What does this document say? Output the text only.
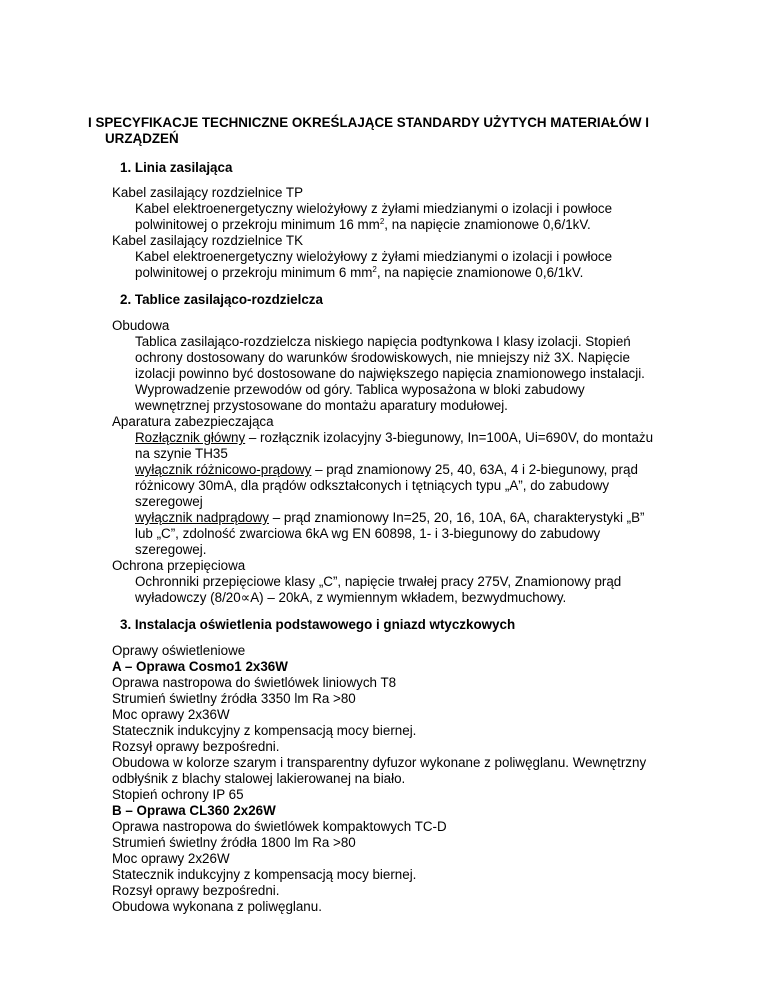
I SPECYFIKACJE TECHNICZNE OKREŚLAJĄCE STANDARDY UŻYTYCH MATERIAŁÓW I
URZĄDZEŃ
1. Linia zasilająca
Kabel zasilający rozdzielnice TP
Kabel elektroenergetyczny wielożyłowy z żyłami miedzianymi o izolacji i powłoce
polwinitowej o przekroju minimum 16 $mm^2$, na napięcie znamionowe 0,6/1kV.
Kabel zasilający rozdzielnice TK
Kabel elektroenergetyczny wielożyłowy z żyłami miedzianymi o izolacji i powłoce
polwinitowej o przekroju minimum 6 $mm^2$, na napięcie znamionowe 0,6/1kV.
2. Tablice zasilająco-rozdzielcza
Obudowa
Tablica zasilająco-rozdzielcza niskiego napięcia podtynkowa I klasy izolacji. Stopień
ochrony dostosowany do warunków środowiskowych, nie mniejszy niż 3X. Napięcie
izolacji powinno być dostosowane do największego napięcia znamionowego instalacji.
Wyprowadzenie przewodów od góry. Tablica wyposażona w bloki zabudowy
wewnętrznej przystosowane do montażu aparatury modułowej.
Aparatura zabezpieczająca
Rozłącznik główny – rozłącznik izolacyjny 3-biegunowy, In=100A, Ui=690V, do montażu
na szynie TH35
wyłącznik różnicowo-prądowy – prąd znamionowy 25, 40, 63A, 4 i 2-biegunowy, prąd
różnicowy 30mA, dla prądów odkształconych i tętniących typu „A”, do zabudowy
szeregowej
wyłącznik nadprądowy – prąd znamionowy In=25, 20, 16, 10A, 6A, charakterystyki „B”
lub „C”, zdolność zwarciowa 6kA wg EN 60898, 1- i 3-biegunowy do zabudowy
szeregowej.
Ochrona przepięciowa
Ochronniki przepięciowe klasy „C”, napięcie trwałej pracy 275V, Znamionowy prąd
wyładowczy (8/20∝A) – 20kA, z wymiennym wkładem, bezwydmuchowy.
3. Instalacja oświetlenia podstawowego i gniazd wtyczkowych
Oprawy oświetleniowe
A – Oprawa Cosmo1 2x36W
Oprawa nastropowa do świetlówek liniowych T8
Strumień świetlny źródła 3350 lm Ra >80
Moc oprawy 2x36W
Statecznik indukcyjny z kompensacją mocy biernej.
Rozsył oprawy bezpośredni.
Obudowa w kolorze szarym i transparentny dyfuzor wykonane z poliwęglanu. Wewnętrzny
odbłyśnik z blachy stalowej lakierowanej na biało.
Stopień ochrony IP 65
B – Oprawa CL360 2x26W
Oprawa nastropowa do świetlówek kompaktowych TC-D
Strumień świetlny źródła 1800 lm Ra >80
Moc oprawy 2x26W
Statecznik indukcyjny z kompensacją mocy biernej.
Rozsył oprawy bezpośredni.
Obudowa wykonana z poliwęglanu.
